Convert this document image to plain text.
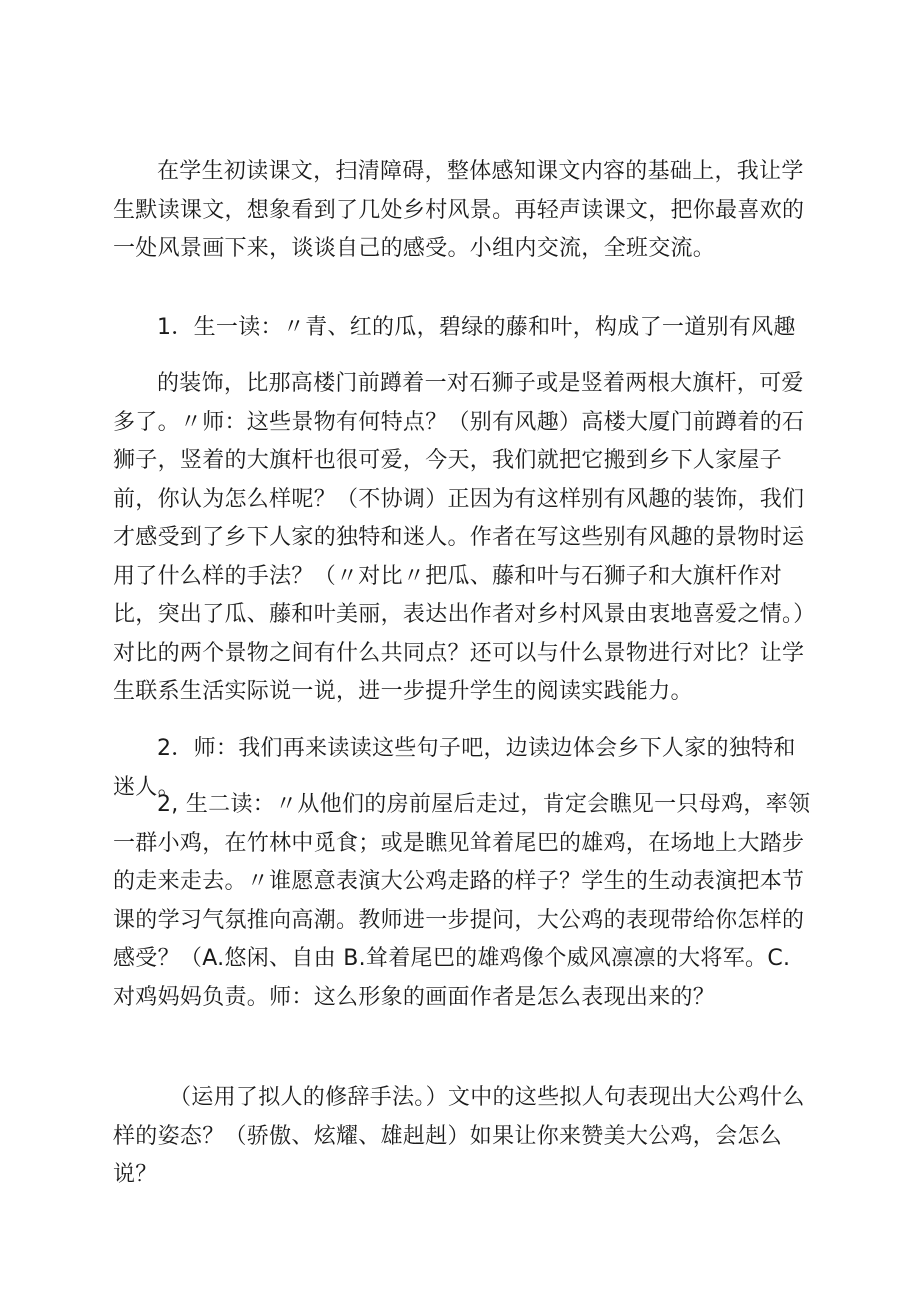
在学生初读课文，扫清障碍，整体感知课文内容的基础上，我让学生默读课文，想象看到了几处乡村风景。再轻声读课文，把你最喜欢的一处风景画下来，谈谈自己的感受。小组内交流，全班交流。

1．生一读：〃青、红的瓜，碧绿的藤和叶，构成了一道别有风趣

的装饰，比那高楼门前蹲着一对石狮子或是竖着两根大旗杆，可爱多了。〃师：这些景物有何特点？（别有风趣）高楼大厦门前蹲着的石狮子，竖着的大旗杆也很可爱，今天，我们就把它搬到乡下人家屋子前，你认为怎么样呢？（不协调）正因为有这样别有风趣的装饰，我们才感受到了乡下人家的独特和迷人。作者在写这些别有风趣的景物时运用了什么样的手法？（〃对比〃把瓜、藤和叶与石狮子和大旗杆作对比，突出了瓜、藤和叶美丽，表达出作者对乡村风景由衷地喜爱之情。）对比的两个景物之间有什么共同点？还可以与什么景物进行对比？让学生联系生活实际说一说，进一步提升学生的阅读实践能力。

2．师：我们再来读读这些句子吧，边读边体会乡下人家的独特和迷人。

2, 生二读：〃从他们的房前屋后走过，肯定会瞧见一只母鸡，率领一群小鸡，在竹林中觅食；或是瞧见耸着尾巴的雄鸡，在场地上大踏步的走来走去。〃谁愿意表演大公鸡走路的样子？学生的生动表演把本节课的学习气氛推向高潮。教师进一步提问，大公鸡的表现带给你怎样的感受？（A.悠闲、自由 B.耸着尾巴的雄鸡像个威风凛凛的大将军。C. 对鸡妈妈负责。师：这么形象的画面作者是怎么表现出来的？

（运用了拟人的修辞手法。）文中的这些拟人句表现出大公鸡什么样的姿态？（骄傲、炫耀、雄赳赳）如果让你来赞美大公鸡，会怎么说？
